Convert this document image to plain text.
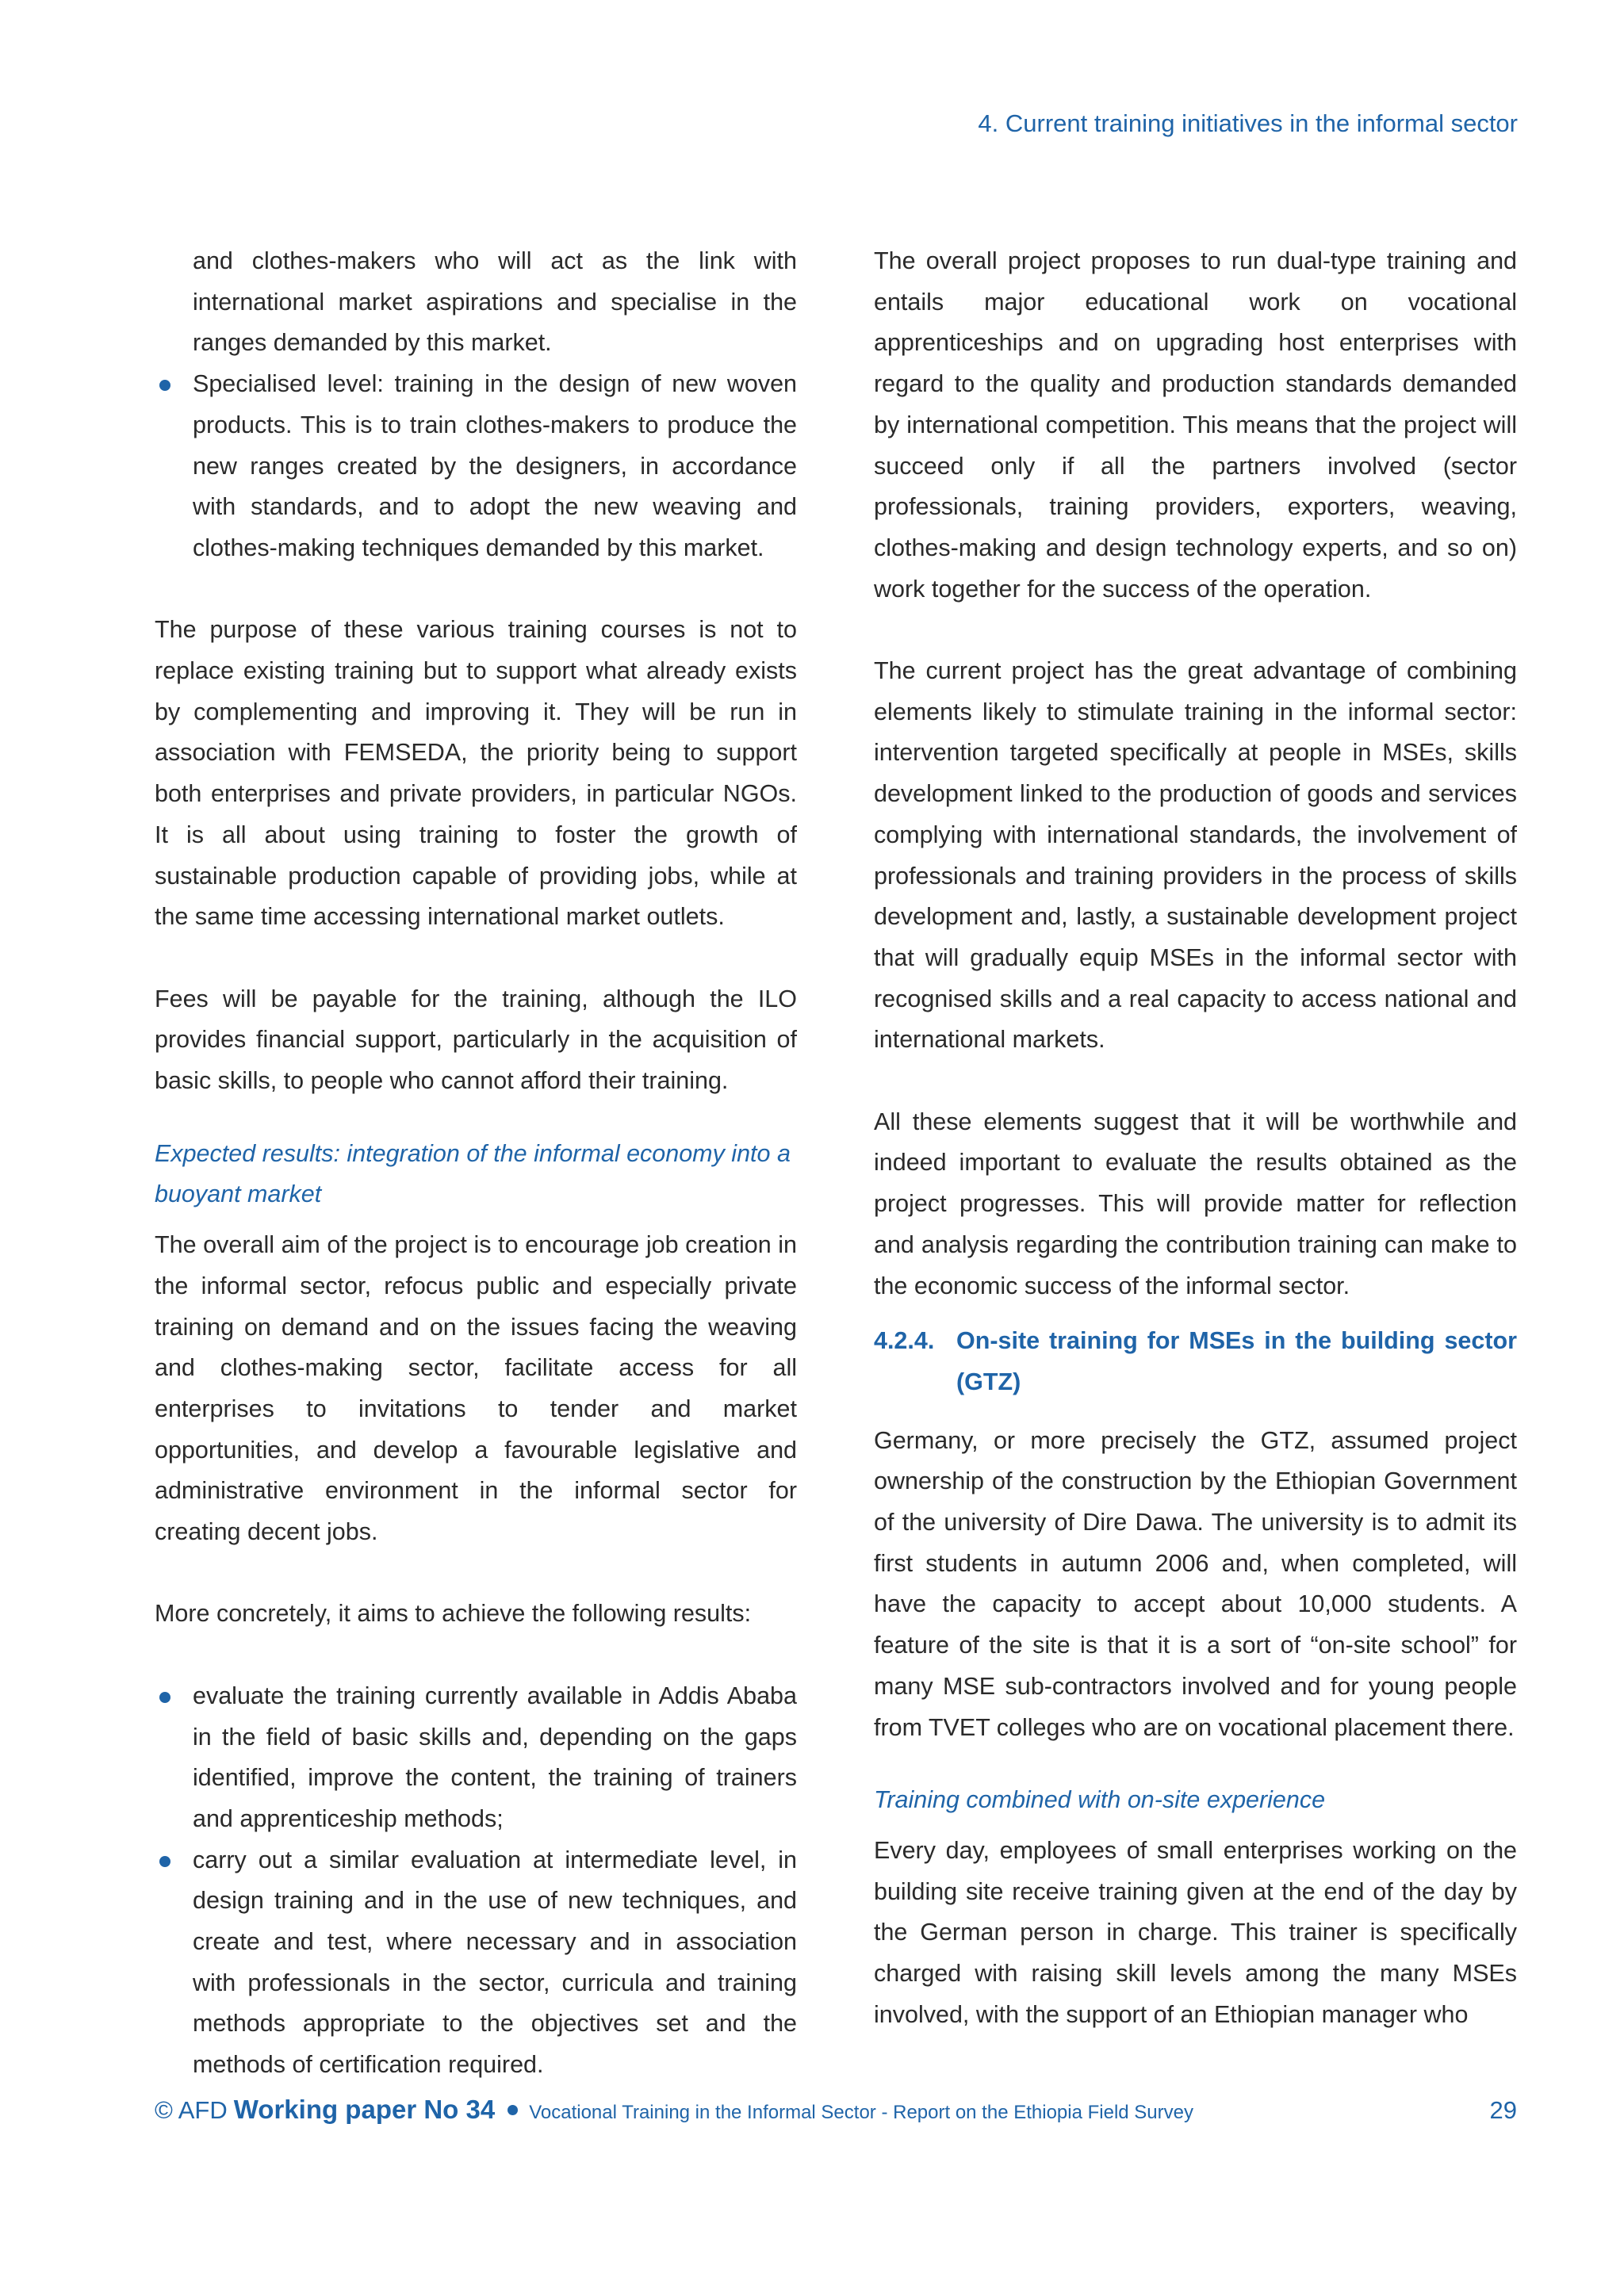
4. Current training initiatives in the informal sector

and clothes-makers who will act as the link with international market aspirations and specialise in the ranges demanded by this market.

Specialised level: training in the design of new woven products. This is to train clothes-makers to produce the new ranges created by the designers, in accordance with standards, and to adopt the new weaving and clothes-making techniques demanded by this market.

The purpose of these various training courses is not to replace existing training but to support what already exists by complementing and improving it. They will be run in association with FEMSEDA, the priority being to support both enterprises and private providers, in particular NGOs. It is all about using training to foster the growth of sustainable production capable of providing jobs, while at the same time accessing international market outlets.

Fees will be payable for the training, although the ILO provides financial support, particularly in the acquisition of basic skills, to people who cannot afford their training.

Expected results: integration of the informal economy into a buoyant market

The overall aim of the project is to encourage job creation in the informal sector, refocus public and especially private training on demand and on the issues facing the weaving and clothes-making sector, facilitate access for all enterprises to invitations to tender and market opportunities, and develop a favourable legislative and administrative environment in the informal sector for creating decent jobs.

More concretely, it aims to achieve the following results:

evaluate the training currently available in Addis Ababa in the field of basic skills and, depending on the gaps identified, improve the content, the training of trainers and apprenticeship methods;
carry out a similar evaluation at intermediate level, in design training and in the use of new techniques, and create and test, where necessary and in association with professionals in the sector, curricula and training methods appropriate to the objectives set and the methods of certification required.

The overall project proposes to run dual-type training and entails major educational work on vocational apprenticeships and on upgrading host enterprises with regard to the quality and production standards demanded by international competition. This means that the project will succeed only if all the partners involved (sector professionals, training providers, exporters, weaving, clothes-making and design technology experts, and so on) work together for the success of the operation.

The current project has the great advantage of combining elements likely to stimulate training in the informal sector: intervention targeted specifically at people in MSEs, skills development linked to the production of goods and services complying with international standards, the involvement of professionals and training providers in the process of skills development and, lastly, a sustainable development project that will gradually equip MSEs in the informal sector with recognised skills and a real capacity to access national and international markets.

All these elements suggest that it will be worthwhile and indeed important to evaluate the results obtained as the project progresses. This will provide matter for reflection and analysis regarding the contribution training can make to the economic success of the informal sector.

4.2.4. On-site training for MSEs in the building sector (GTZ)

Germany, or more precisely the GTZ, assumed project ownership of the construction by the Ethiopian Government of the university of Dire Dawa. The university is to admit its first students in autumn 2006 and, when completed, will have the capacity to accept about 10,000 students. A feature of the site is that it is a sort of “on-site school” for many MSE sub-contractors involved and for young people from TVET colleges who are on vocational placement there.

Training combined with on-site experience

Every day, employees of small enterprises working on the building site receive training given at the end of the day by the German person in charge. This trainer is specifically charged with raising skill levels among the many MSEs involved, with the support of an Ethiopian manager who

© AFD Working paper No 34 Vocational Training in the Informal Sector - Report on the Ethiopia Field Survey	29
